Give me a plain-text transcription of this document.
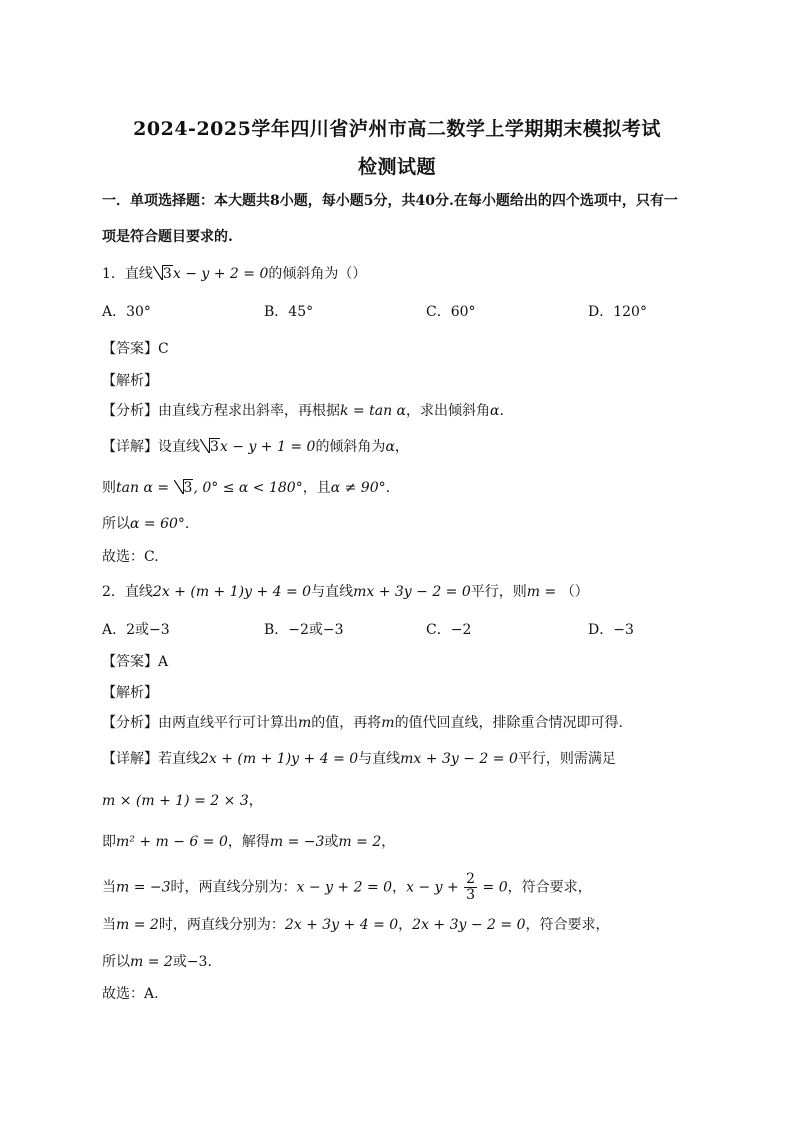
2024-2025学年四川省泸州市高二数学上学期期末模拟考试
检测试题
一．单项选择题：本大题共8小题，每小题5分，共40分.在每小题给出的四个选项中，只有一
项是符合题目要求的.
1．直线 3x − y + 2 = 0的倾斜角为（）
A．30°	B．45°	C．60°	D．120°
【答案】C
【解析】
【分析】由直线方程求出斜率，再根据k = tan α，求出倾斜角α.
【详解】设直线 3x − y + 1 = 0的倾斜角为α，
则tan α = 3, 0° ≤ α < 180°，且α ≠ 90°.
所以α = 60°.
故选：C.
2．直线2x + (m + 1)y + 4 = 0与直线mx + 3y − 2 = 0平行，则m = （）
A．2或−3	B．−2或−3	C．−2	D．−3
【答案】A
【解析】
【分析】由两直线平行可计算出m的值，再将m的值代回直线，排除重合情况即可得.
【详解】若直线2x + (m + 1)y + 4 = 0与直线mx + 3y − 2 = 0平行，则需满足
m × (m + 1) = 2 × 3，
即m² + m − 6 = 0，解得m = −3或m = 2，
当m = −3时，两直线分别为：x − y + 2 = 0，$x - y + \frac{2}{3} = 0$，符合要求，
当m = 2时，两直线分别为：2x + 3y + 4 = 0，2x + 3y − 2 = 0，符合要求，
所以m = 2或−3.
故选：A.
